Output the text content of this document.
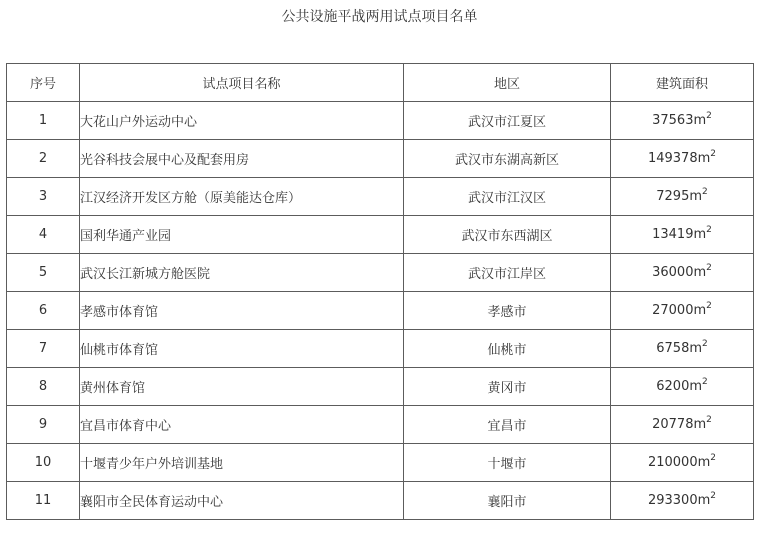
公共设施平战两用试点项目名单
序号	试点项目名称	地区	建筑面积
1	大花山户外运动中心	武汉市江夏区	$37563m^2$
2	光谷科技会展中心及配套用房	武汉市东湖高新区	$149378m^2$
3	江汉经济开发区方舱（原美能达仓库）	武汉市江汉区	$7295m^2$
4	国利华通产业园	武汉市东西湖区	$13419m^2$
5	武汉长江新城方舱医院	武汉市江岸区	$36000m^2$
6	孝感市体育馆	孝感市	$27000m^2$
7	仙桃市体育馆	仙桃市	$6758m^2$
8	黄州体育馆	黄冈市	$6200m^2$
9	宜昌市体育中心	宜昌市	$20778m^2$
10	十堰青少年户外培训基地	十堰市	$210000m^2$
11	襄阳市全民体育运动中心	襄阳市	$293300m^2$
